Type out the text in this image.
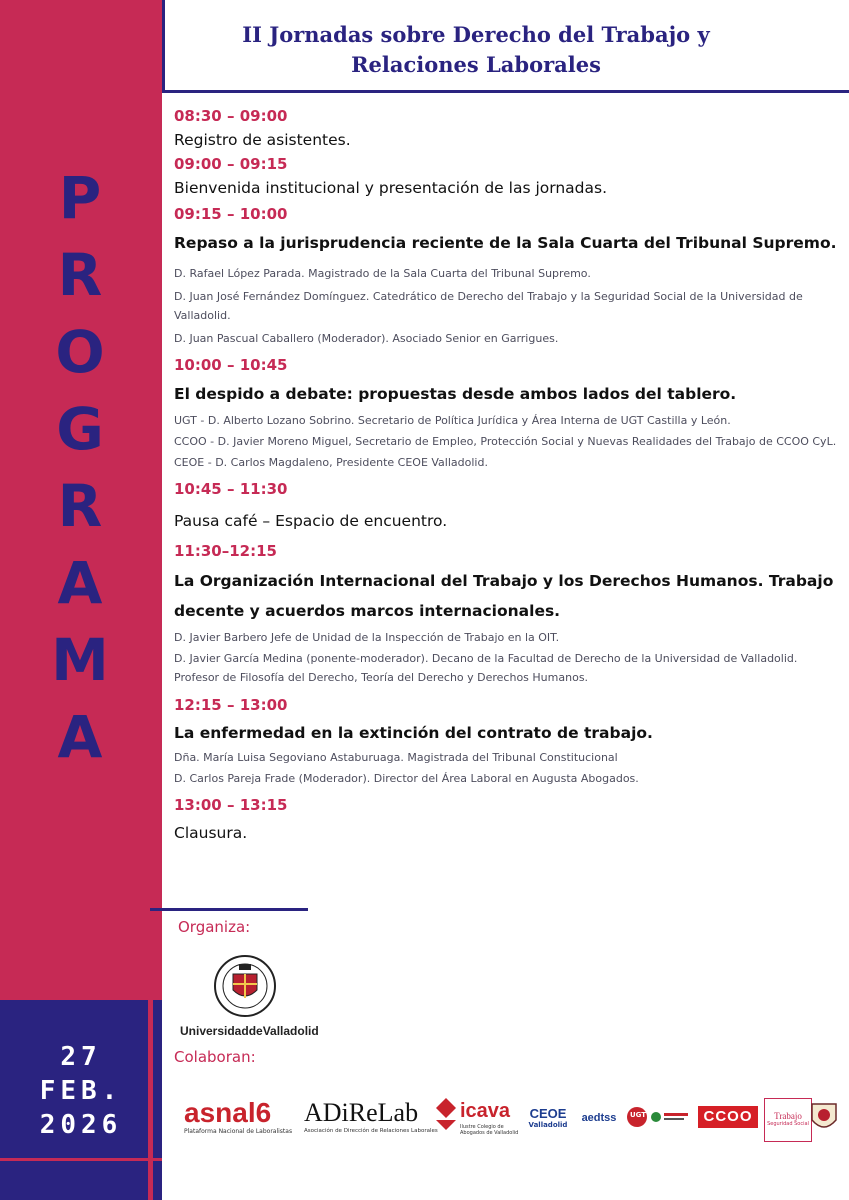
P
R
O
G
R
A
M
A
27
FEB.
2026
II Jornadas sobre Derecho del Trabajo y Relaciones Laborales
08:30 – 09:00
Registro de asistentes.
09:00 – 09:15
Bienvenida institucional y presentación de las jornadas.
09:15 – 10:00
Repaso a la jurisprudencia reciente de la Sala Cuarta del Tribunal Supremo.
D. Rafael López Parada. Magistrado de la Sala Cuarta del Tribunal Supremo.
D. Juan José Fernández Domínguez. Catedrático de Derecho del Trabajo y la Seguridad Social de la Universidad de Valladolid.
D. Juan Pascual Caballero (Moderador). Asociado Senior en Garrigues.
10:00 – 10:45
El despido a debate: propuestas desde ambos lados del tablero.
UGT - D. Alberto Lozano Sobrino. Secretario de Política Jurídica y Área Interna de UGT Castilla y León.
CCOO - D. Javier Moreno Miguel, Secretario de Empleo, Protección Social y Nuevas Realidades del Trabajo de CCOO CyL.
CEOE - D. Carlos Magdaleno, Presidente CEOE Valladolid.
10:45 – 11:30
Pausa café – Espacio de encuentro.
11:30–12:15
La Organización Internacional del Trabajo y los Derechos Humanos. Trabajo decente y acuerdos marcos internacionales.
D. Javier Barbero Jefe de Unidad de la Inspección de Trabajo en la OIT.
D. Javier García Medina (ponente-moderador). Decano de la Facultad de Derecho de la Universidad de Valladolid. Profesor de Filosofía del Derecho, Teoría del Derecho y Derechos Humanos.
12:15 – 13:00
La enfermedad en la extinción del contrato de trabajo.
Dña. María Luisa Segoviano Astaburuaga. Magistrada del Tribunal Constitucional
D. Carlos Pareja Frade (Moderador). Director del Área Laboral en Augusta Abogados.
13:00 – 13:15
Clausura.
Organiza:
UniversidaddeValladolid
Colaboran:
asnal6
Plataforma Nacional de Laboralistas
ADiReLab
Asociación de Dirección de Relaciones Laborales
icava
Ilustre Colegio de
Abogados de Valladolid
CEOE
Valladolid
aedtss	UGT	CCOO	Trabajo
Seguridad Social
